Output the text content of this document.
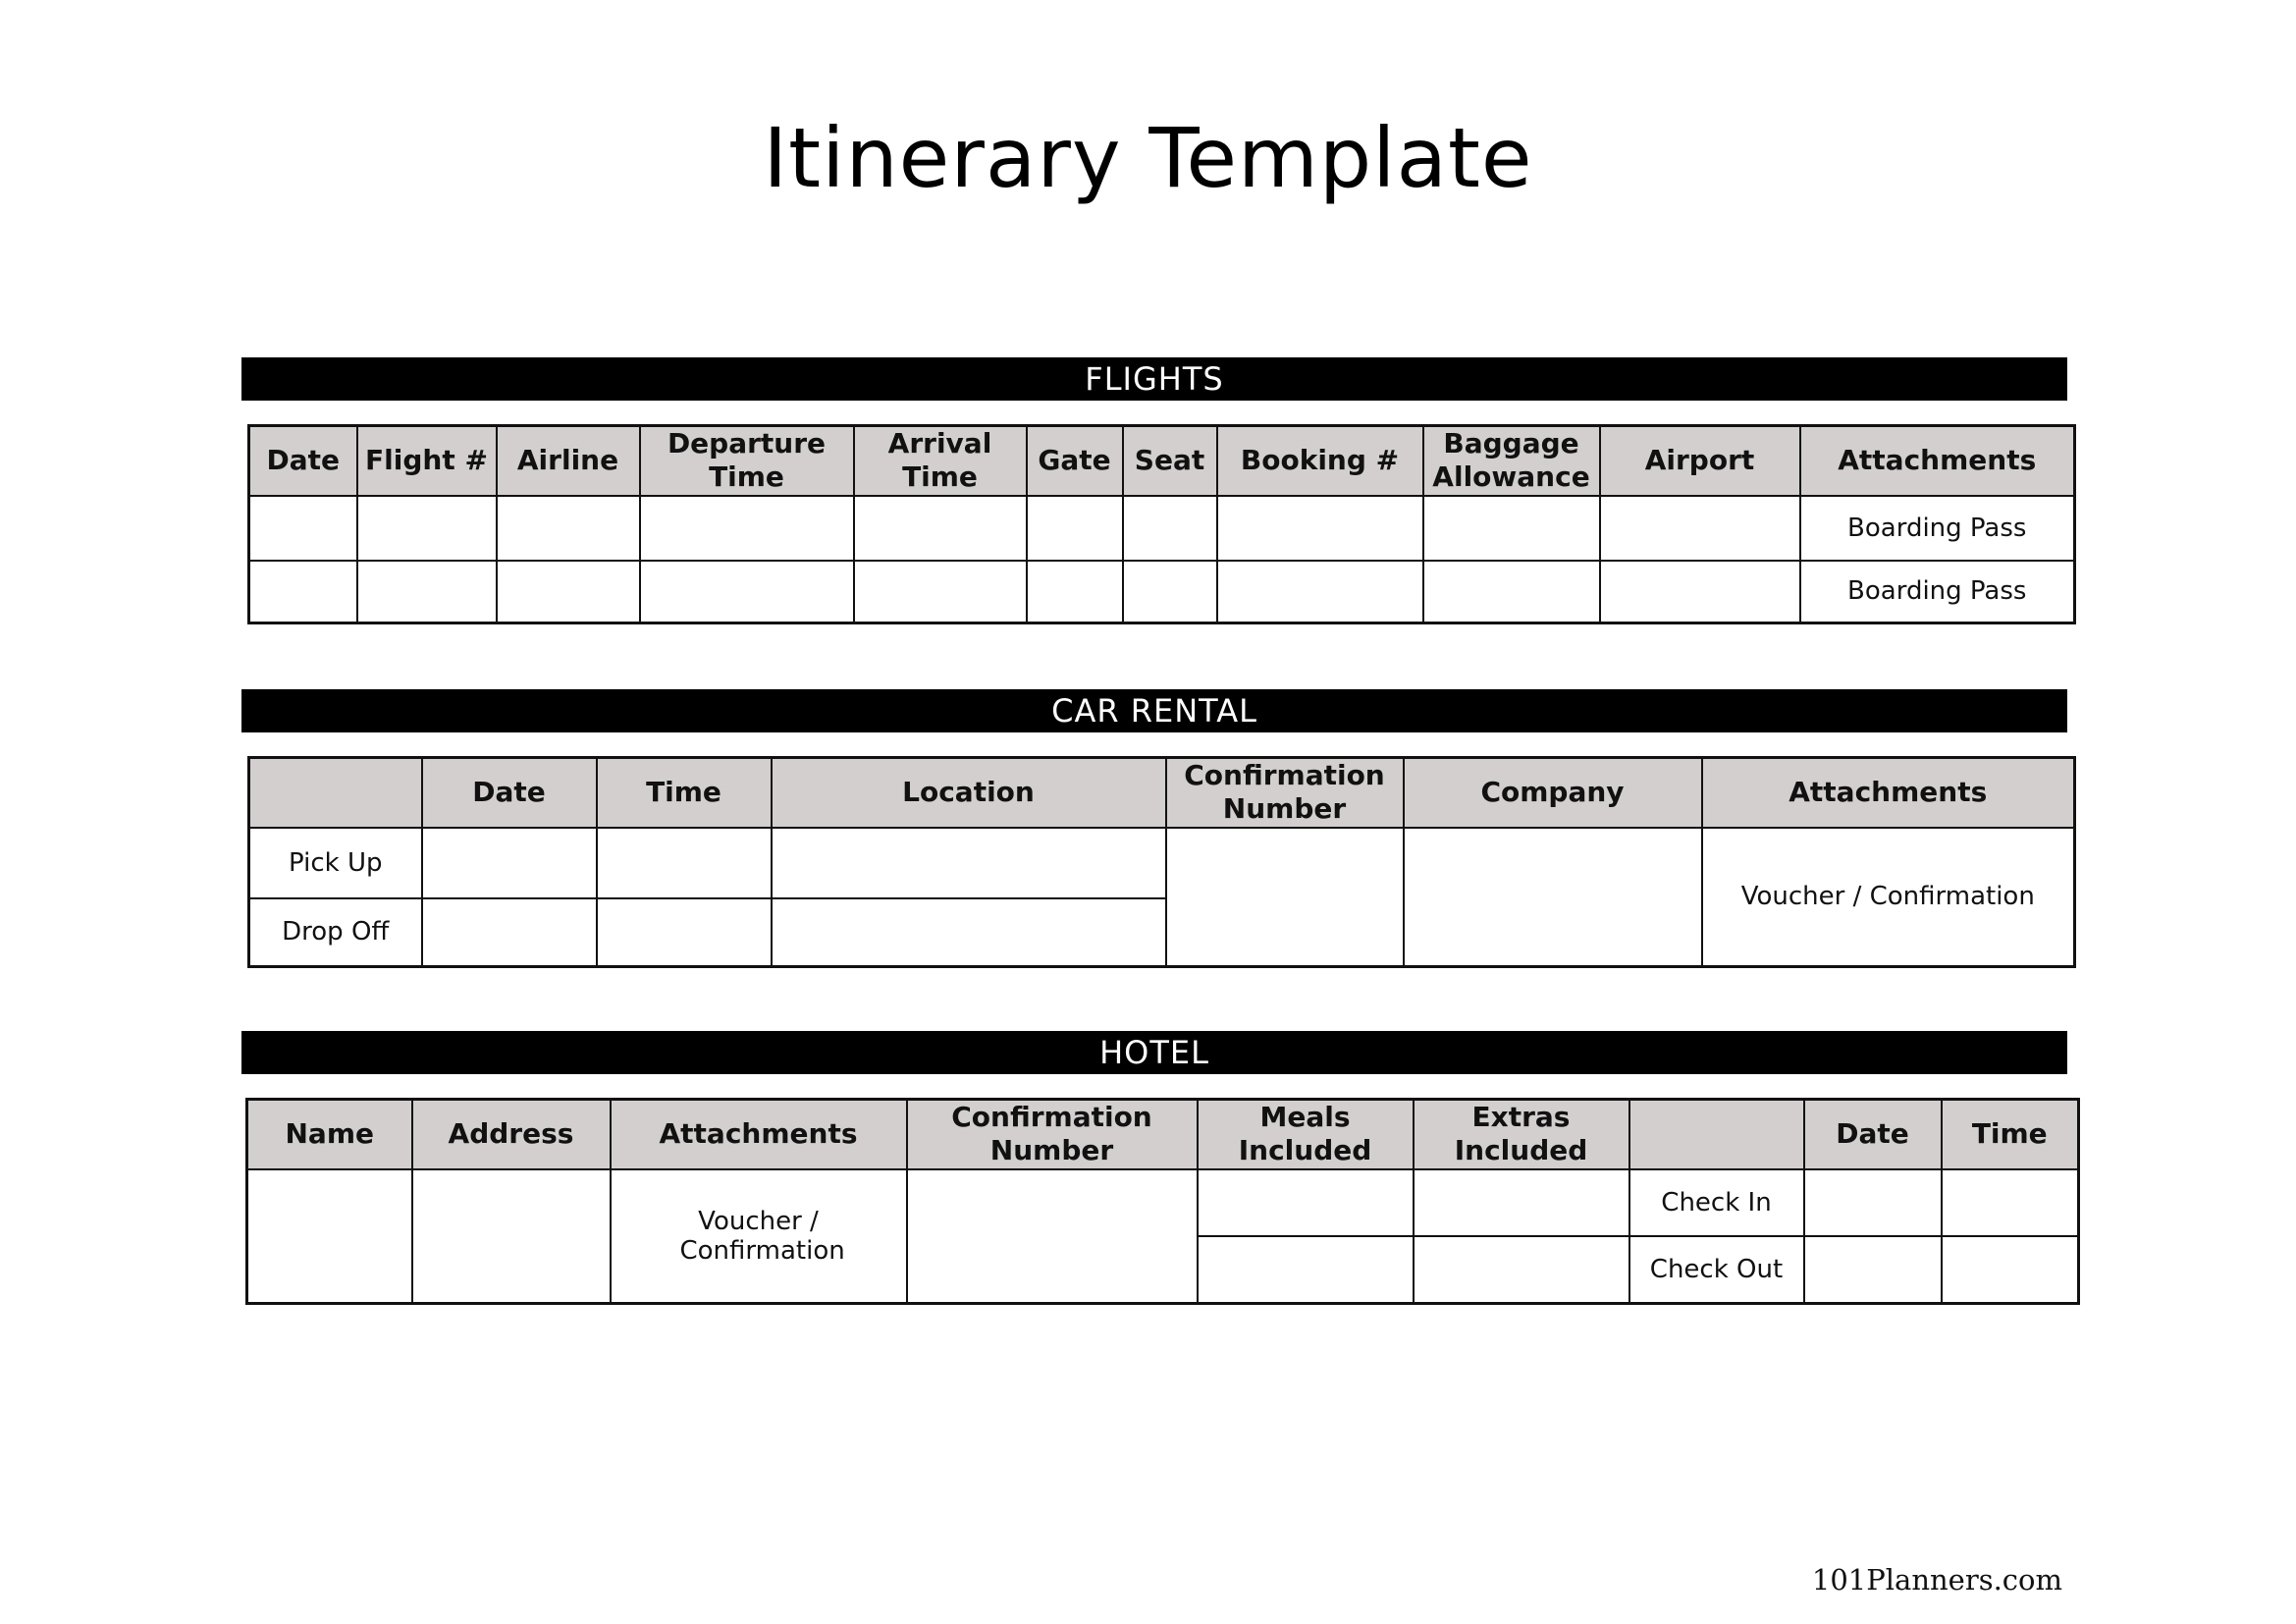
Itinerary Template
FLIGHTS
Date	Flight #	Airline	Departure Time	Arrival Time	Gate	Seat	Booking #	Baggage Allowance	Airport	Attachments
										Boarding Pass
										Boarding Pass
CAR RENTAL
	Date	Time	Location	Confirmation Number	Company	Attachments
Pick Up						Voucher / Confirmation
Drop Off						
HOTEL
Name	Address	Attachments	Confirmation Number	Meals Included	Extras Included		Date	Time
		Voucher / Confirmation				Check In		
						Check Out		
101Planners.com
